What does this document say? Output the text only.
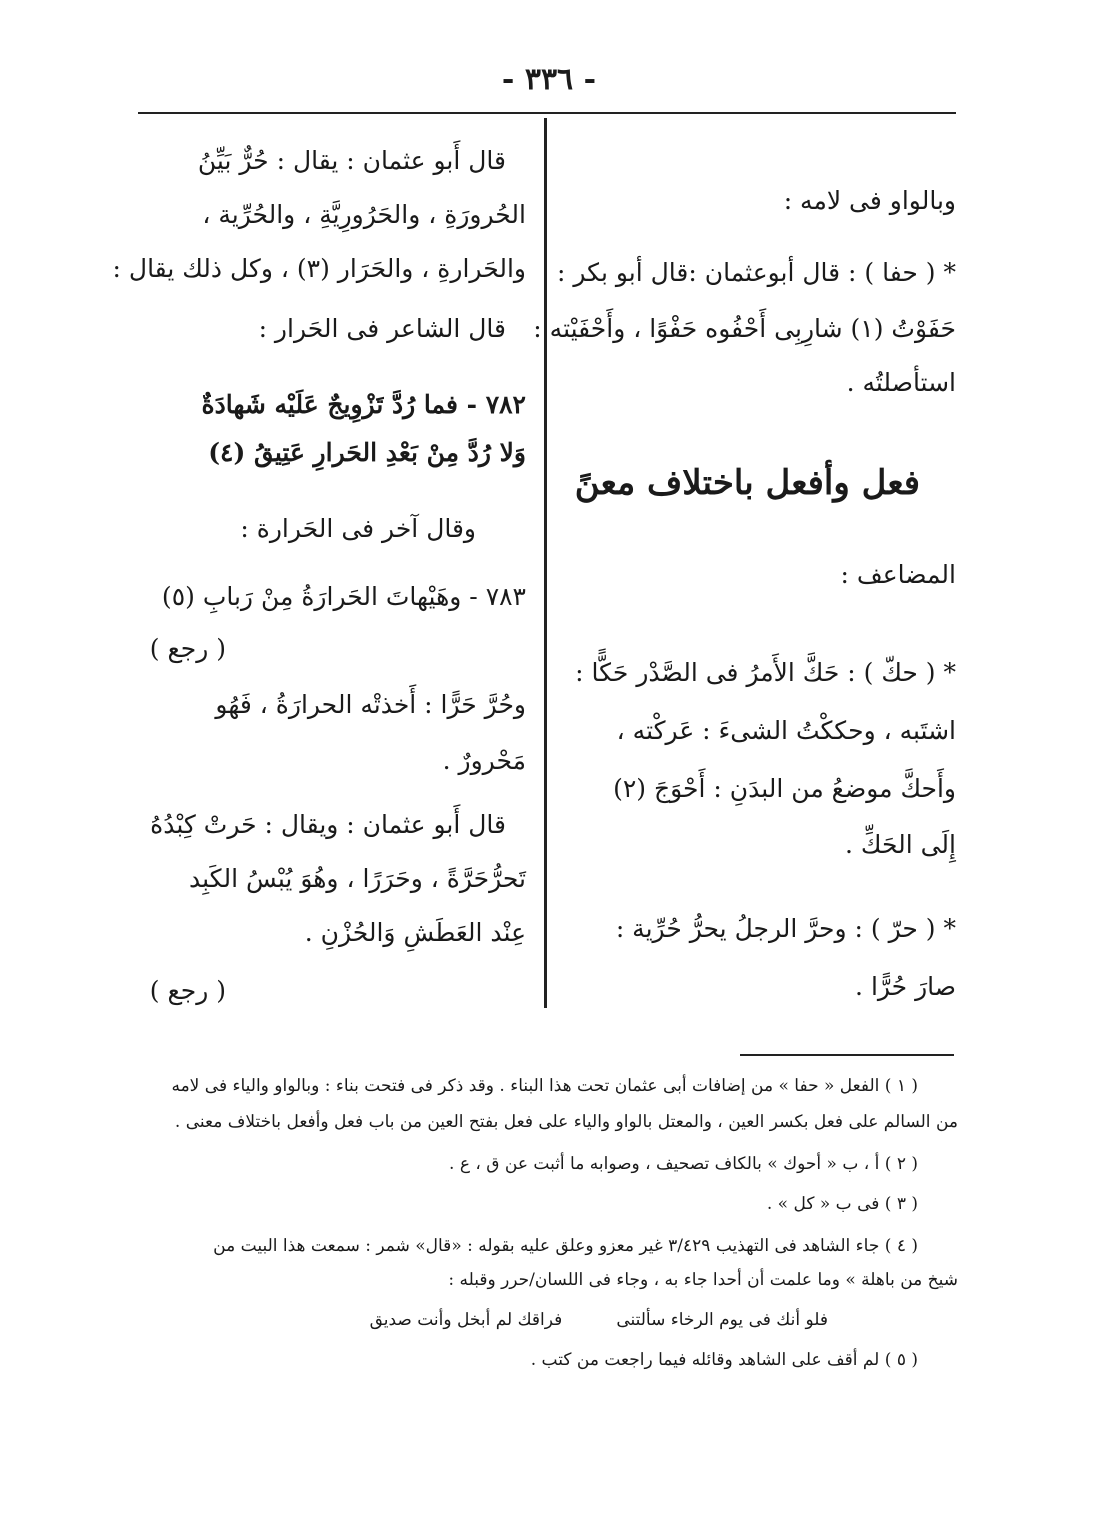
- ٣٣٦ -
وبالواو فى لامه :
* ( حفا ) : قال أبوعثمان :قال أبو بكر :
حَفَوْتُ (١) شارِبِى أَحْفُوه حَفْوًا ، وأَحْفَيْته :
استأصلتُه .
فعل وأفعل باختلاف معنً
المضاعف :
* ( حكّ ) : حَكَّ الأَمرُ فى الصَّدْر حَكًّا :
اشتَبه ، وحككْتُ الشىءَ : عَركْته ،
وأَحكَّ موضعُ من البدَنِ : أَحْوَجَ (٢)
إِلَى الحَكِّ .
* ( حرّ ) : وحرَّ الرجلُ يحرُّ حُرِّية :
صارَ حُرًّا .
قال أَبو عثمان : يقال : حُرٌّ بَيِّنُ
الحُرورَةِ ، والحَرُورِيَّةِ ، والحُرِّية ،
والحَرارةِ ، والحَرَار (٣) ، وكل ذلك يقال :
قال الشاعر فى الحَرار :
٧٨٢ - فما رُدَّ تَزْوِيجٌ عَلَيْه شَهادَةٌ
وَلا رُدَّ مِنْ بَعْدِ الحَرارِ عَتِيقُ (٤)
وقال آخر فى الحَرارة :
٧٨٣ - وهَيْهاتَ الحَرارَةُ مِنْ رَبابِ (٥)
( رجع )
وحُرَّ حَرًّا : أَخذتْه الحرارَةُ ، فَهُو
مَحْرورٌ .
قال أَبو عثمان : ويقال : حَرتْ كِبْدُهُ
تَحرُّحَرَّةً ، وحَرَرًا ، وهُوَ يُبْسُ الكَبِد
عِنْد العَطَشِ وَالحُزْنِ .
( رجع )
( ١ ) الفعل « حفا » من إضافات أبى عثمان تحت هذا البناء . وقد ذكر فى فتحت بناء : وبالواو والياء فى لامه
من السالم على فعل بكسر العين ، والمعتل بالواو والياء على فعل بفتح العين من باب فعل وأفعل باختلاف معنى .
( ٢ ) أ ، ب « أحوك » بالكاف تصحيف ، وصوابه ما أثبت عن ق ، ع .
( ٣ ) فى ب « كل » .
( ٤ ) جاء الشاهد فى التهذيب ٣/٤٢٩ غير معزو وعلق عليه بقوله : «قال» شمر : سمعت هذا البيت من
شيخ من باهلة » وما علمت أن أحدا جاء به ، وجاء فى اللسان/حرر وقبله :
فلو أنك فى يوم الرخاء سألتنى          فراقك لم أبخل وأنت صديق
( ٥ ) لم أقف على الشاهد وقائله فيما راجعت من كتب .
